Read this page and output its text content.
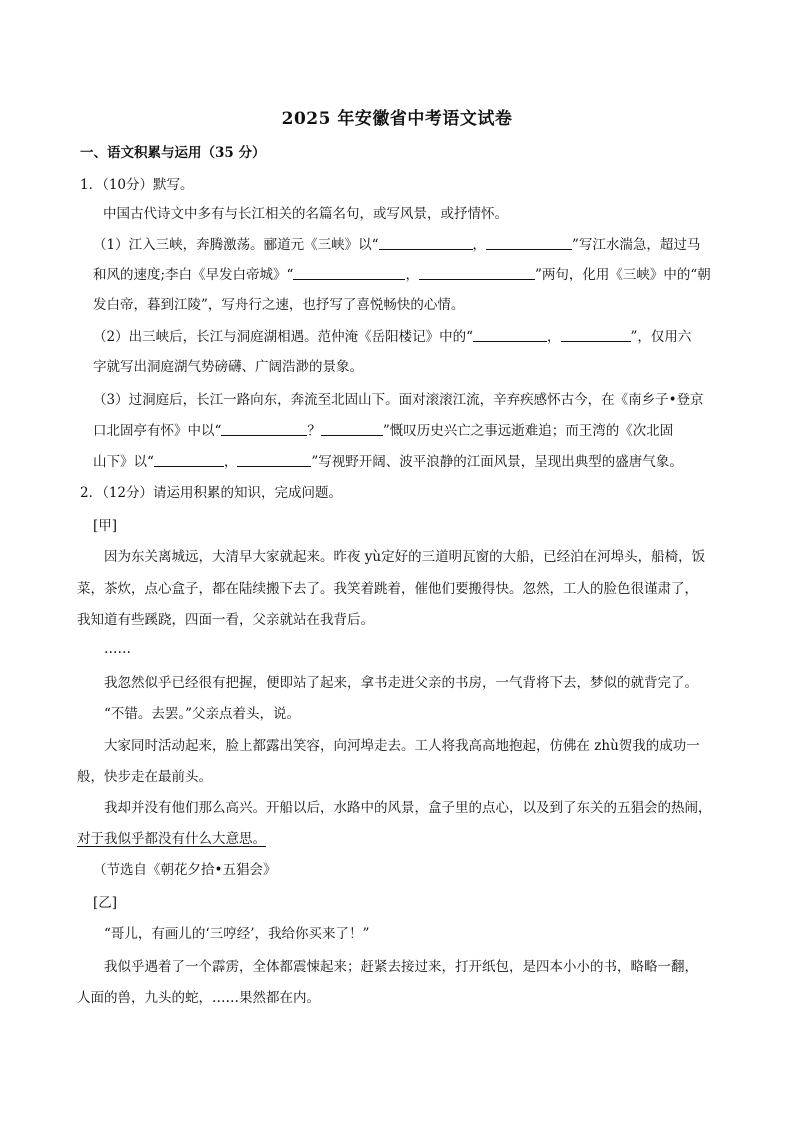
2025 年安徽省中考语文试卷
一、语文积累与运用（35 分）
1．（10分）默写。
中国古代诗文中多有与长江相关的名篇名句，或写风景，或抒情怀。
（1）江入三峡，奔腾激荡。郦道元《三峡》以“	，	”写江水湍急，超过马
和风的速度;李白《早发白帝城》“	，	”两句，化用《三峡》中的“朝
发白帝，暮到江陵”，写舟行之速，也抒写了喜悦畅快的心情。
（2）出三峡后，长江与洞庭湖相遇。范仲淹《岳阳楼记》中的“	，	”，仅用六
字就写出洞庭湖气势磅礴、广阔浩渺的景象。
（3）过洞庭后，长江一路向东，奔流至北固山下。面对滚滚江流，辛弃疾感怀古今，在《南乡子•登京
口北固亭有怀》中以“	？	”慨叹历史兴亡之事远逝难追；而王湾的《次北固
山下》以“	，	”写视野开阔、波平浪静的江面风景，呈现出典型的盛唐气象。
2．（12分）请运用积累的知识，完成问题。
[甲]
因为东关离城远，大清早大家就起来。昨夜 yù定好的三道明瓦窗的大船，已经泊在河埠头，船椅，饭
菜，茶炊，点心盒子，都在陆续搬下去了。我笑着跳着，催他们要搬得快。忽然，工人的脸色很谨肃了，
我知道有些蹊跷，四面一看，父亲就站在我背后。
……
我忽然似乎已经很有把握，便即站了起来，拿书走进父亲的书房，一气背将下去，梦似的就背完了。
“不错。去罢。”父亲点着头，说。
大家同时活动起来，脸上都露出笑容，向河埠走去。工人将我高高地抱起，仿佛在 zhù贺我的成功一
般，快步走在最前头。
我却并没有他们那么高兴。开船以后，水路中的风景，盒子里的点心，以及到了东关的五猖会的热闹，
对于我似乎都没有什么大意思。
（节选自《朝花夕拾•五猖会》
[乙]
“哥儿，有画儿的‘三哼经’，我给你买来了！”
我似乎遇着了一个霹雳，全体都震悚起来；赶紧去接过来，打开纸包，是四本小小的书，略略一翻，
人面的兽，九头的蛇，……果然都在内。
